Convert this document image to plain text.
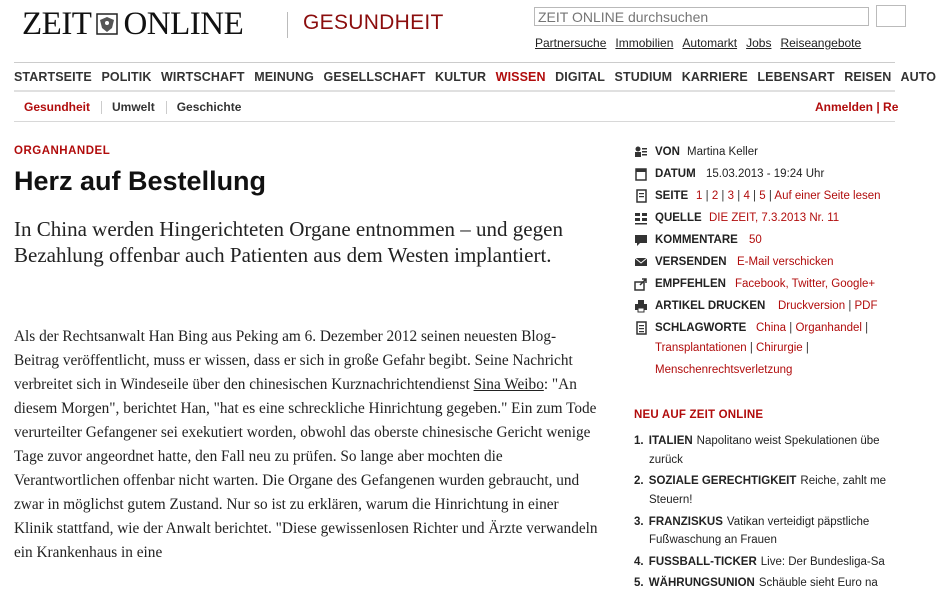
ZEIT ONLINE	GESUNDHEIT
ZEIT ONLINE durchsuchen
Partnersuche Immobilien Automarkt Jobs Reiseangebote
STARTSEITE POLITIK WIRTSCHAFT MEINUNG GESELLSCHAFT KULTUR WISSEN DIGITAL STUDIUM KARRIERE LEBENSART REISEN AUTO
Gesundheit Umwelt Geschichte	Anmelden | Re
ORGANHANDEL
Herz auf Bestellung
In China werden Hingerichteten Organe entnommen – und gegen Bezahlung offenbar auch Patienten aus dem Westen implantiert.
Als der Rechtsanwalt Han Bing aus Peking am 6. Dezember 2012 seinen neuesten Blog-Beitrag veröffentlicht, muss er wissen, dass er sich in große Gefahr begibt. Seine Nachricht verbreitet sich in Windeseile über den chinesischen Kurznachrichtendienst Sina Weibo: "An diesem Morgen", berichtet Han, "hat es eine schreckliche Hinrichtung gegeben." Ein zum Tode verurteilter Gefangener sei exekutiert worden, obwohl das oberste chinesische Gericht wenige Tage zuvor angeordnet hatte, den Fall neu zu prüfen. So lange aber mochten die Verantwortlichen offenbar nicht warten. Die Organe des Gefangenen wurden gebraucht, und zwar in möglichst gutem Zustand. Nur so ist zu erklären, warum die Hinrichtung in einer Klinik stattfand, wie der Anwalt berichtet. "Diese gewissenlosen Richter und Ärzte verwandeln ein Krankenhaus in eine
VON Martina Keller
DATUM 15.03.2013 - 19:24 Uhr
SEITE 1 | 2 | 3 | 4 | 5 | Auf einer Seite lesen
QUELLE DIE ZEIT, 7.3.2013 Nr. 11
KOMMENTARE 50
VERSENDEN E-Mail verschicken
EMPFEHLEN Facebook, Twitter, Google+
ARTIKEL DRUCKEN Druckversion | PDF
SCHLAGWORTE China | Organhandel |
Transplantationen | Chirurgie |
Menschenrechtsverletzung
NEU AUF ZEIT ONLINE
1. ITALIEN Napolitano weist Spekulationen übe
zurück
2. SOZIALE GERECHTIGKEIT Reiche, zahlt me
Steuern!
3. FRANZISKUS Vatikan verteidigt päpstliche
Fußwaschung an Frauen
4. FUSSBALL-TICKER Live: Der Bundesliga-Sa
5. WÄHRUNGSUNION Schäuble sieht Euro na
